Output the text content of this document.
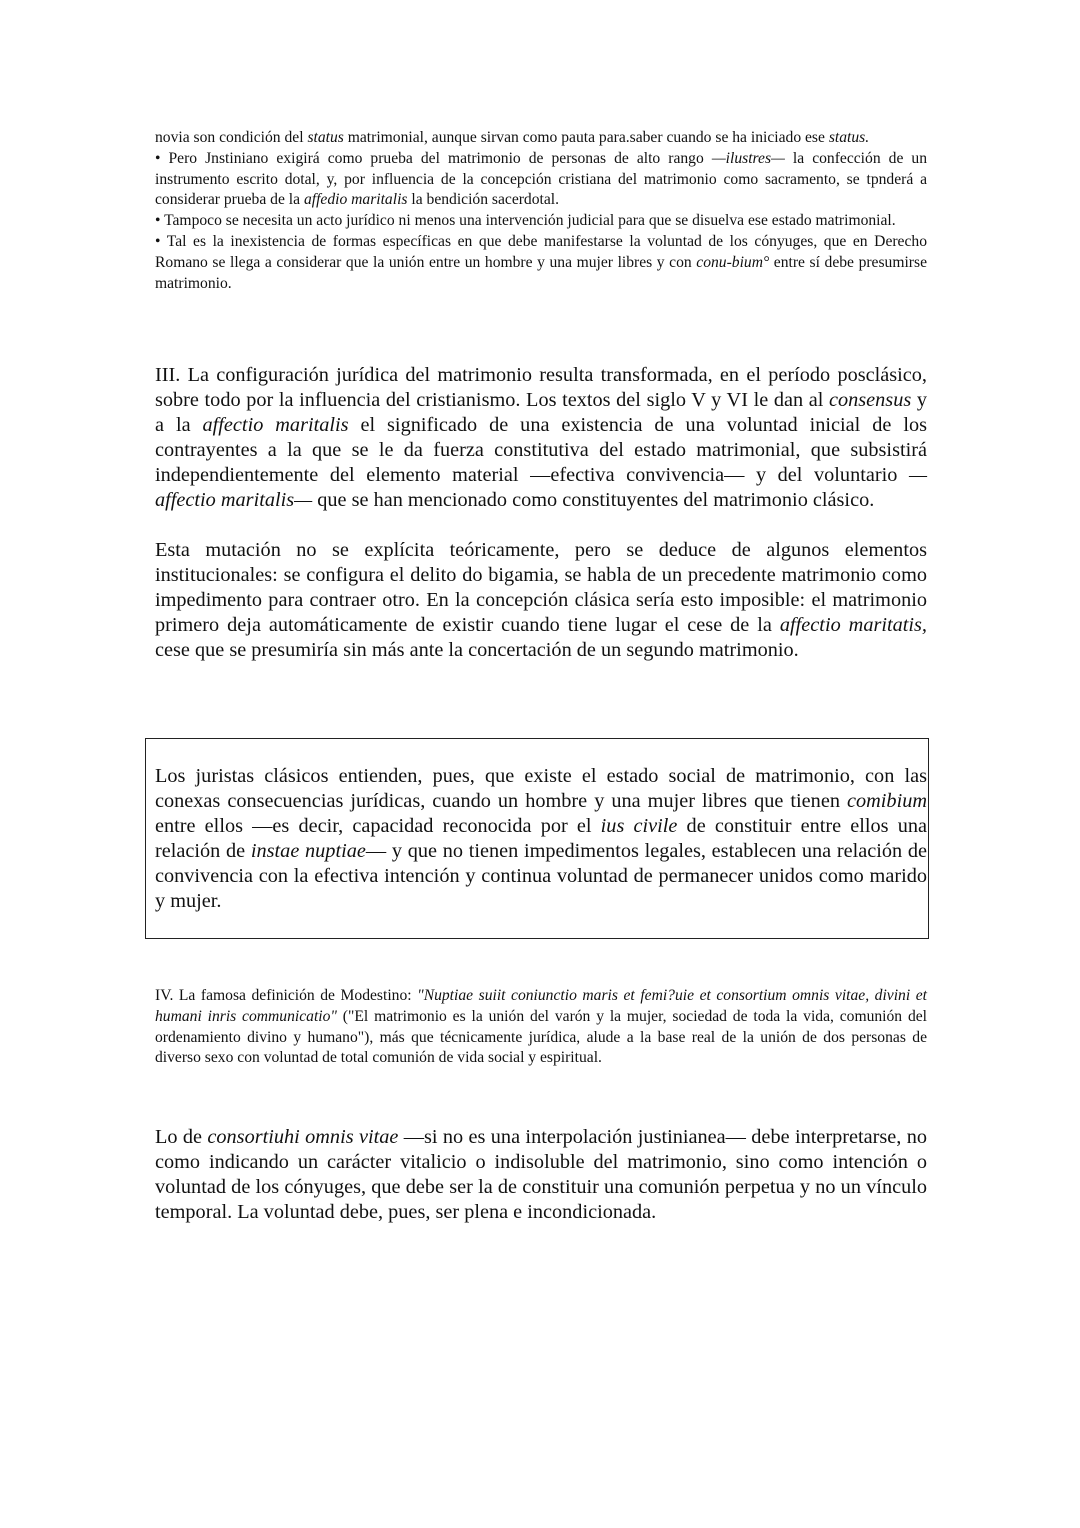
novia son condición del status matrimonial, aunque sirvan como pauta para.saber cuando se ha iniciado ese status.

• Pero Jnstiniano exigirá como prueba del matrimonio de personas de alto rango —ilustres— la confección de un instrumento escrito dotal, y, por influencia de la concepción cristiana del matrimonio como sacramento, se tpnderá a considerar prueba de la affedio maritalis la bendición sacerdotal.

• Tampoco se necesita un acto jurídico ni menos una intervención judicial para que se disuelva ese estado matrimonial.

• Tal es la inexistencia de formas específicas en que debe manifestarse la voluntad de los cónyuges, que en Derecho Romano se llega a considerar que la unión entre un hombre y una mujer libres y con conu-bium° entre sí debe presumirse matrimonio.

III. La configuración jurídica del matrimonio resulta transformada, en el período posclásico, sobre todo por la influencia del cristianismo. Los textos del siglo V y VI le dan al consensus y a la affectio maritalis el significado de una existencia de una voluntad inicial de los contrayentes a la que se le da fuerza constitutiva del estado matrimonial, que subsistirá independientemente del elemento material —efectiva convivencia— y del voluntario —affectio maritalis— que se han mencionado como constituyentes del matrimonio clásico.

Esta mutación no se explícita teóricamente, pero se deduce de algunos elementos institucionales: se configura el delito do bigamia, se habla de un precedente matrimonio como impedimento para contraer otro. En la concepción clásica sería esto imposible: el matrimonio primero deja automáticamente de existir cuando tiene lugar el cese de la affectio maritatis, cese que se presumiría sin más ante la concertación de un segundo matrimonio.

Los juristas clásicos entienden, pues, que existe el estado social de matrimonio, con las conexas consecuencias jurídicas, cuando un hombre y una mujer libres que tienen comibium entre ellos —es decir, capacidad reconocida por el ius civile de constituir entre ellos una relación de instae nuptiae— y que no tienen impedimentos legales, establecen una relación de convivencia con la efectiva intención y continua voluntad de permanecer unidos como marido y mujer.

IV. La famosa definición de Modestino: "Nuptiae suiit coniunctio maris et femi?uie et consortium omnis vitae, divini et humani inris communicatio" ("El matrimonio es la unión del varón y la mujer, sociedad de toda la vida, comunión del ordenamiento divino y humano"), más que técnicamente jurídica, alude a la base real de la unión de dos personas de diverso sexo con voluntad de total comunión de vida social y espiritual.

Lo de consortiuhi omnis vitae —si no es una interpolación justinianea— debe interpretarse, no como indicando un carácter vitalicio o indisoluble del matrimonio, sino como intención o voluntad de los cónyuges, que debe ser la de constituir una comunión perpetua y no un vínculo temporal. La voluntad debe, pues, ser plena e incondicionada.
